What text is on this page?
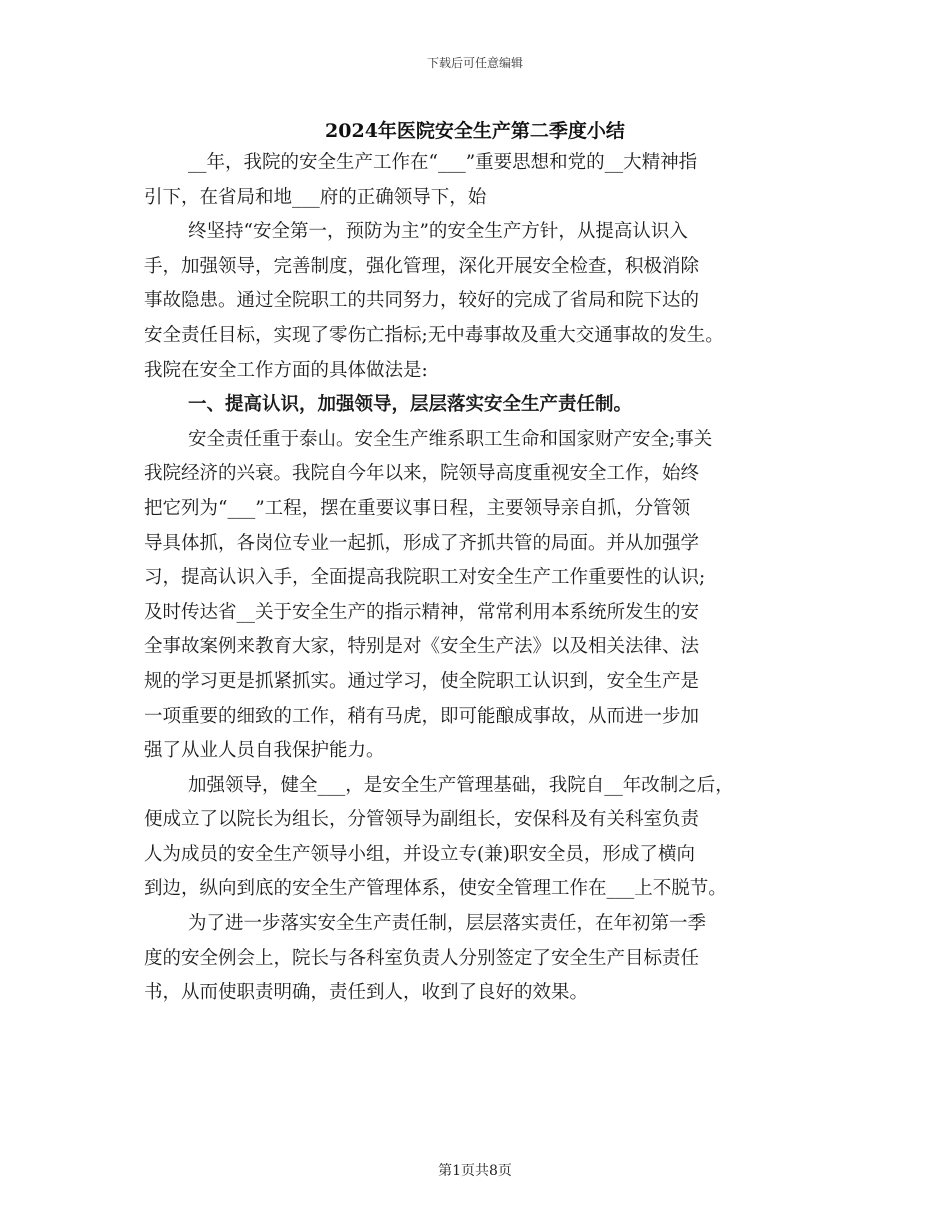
下载后可任意编辑
2024年医院安全生产第二季度小结
__年，我院的安全生产工作在“___”重要思想和党的__大精神指
引下，在省局和地___府的正确领导下，始
终坚持“安全第一，预防为主”的安全生产方针，从提高认识入
手，加强领导，完善制度，强化管理，深化开展安全检查，积极消除
事故隐患。通过全院职工的共同努力，较好的完成了省局和院下达的
安全责任目标，实现了零伤亡指标;无中毒事故及重大交通事故的发生。
我院在安全工作方面的具体做法是:
一、提高认识，加强领导，层层落实安全生产责任制。
安全责任重于泰山。安全生产维系职工生命和国家财产安全;事关
我院经济的兴衰。我院自今年以来，院领导高度重视安全工作，始终
把它列为“___”工程，摆在重要议事日程，主要领导亲自抓，分管领
导具体抓，各岗位专业一起抓，形成了齐抓共管的局面。并从加强学
习，提高认识入手，全面提高我院职工对安全生产工作重要性的认识;
及时传达省__关于安全生产的指示精神，常常利用本系统所发生的安
全事故案例来教育大家，特别是对《安全生产法》以及相关法律、法
规的学习更是抓紧抓实。通过学习，使全院职工认识到，安全生产是
一项重要的细致的工作，稍有马虎，即可能酿成事故，从而进一步加
强了从业人员自我保护能力。
加强领导，健全___，是安全生产管理基础，我院自__年改制之后，
便成立了以院长为组长，分管领导为副组长，安保科及有关科室负责
人为成员的安全生产领导小组，并设立专(兼)职安全员，形成了横向
到边，纵向到底的安全生产管理体系，使安全管理工作在___上不脱节。
为了进一步落实安全生产责任制，层层落实责任，在年初第一季
度的安全例会上，院长与各科室负责人分别签定了安全生产目标责任
书，从而使职责明确，责任到人，收到了良好的效果。
第1页共8页
